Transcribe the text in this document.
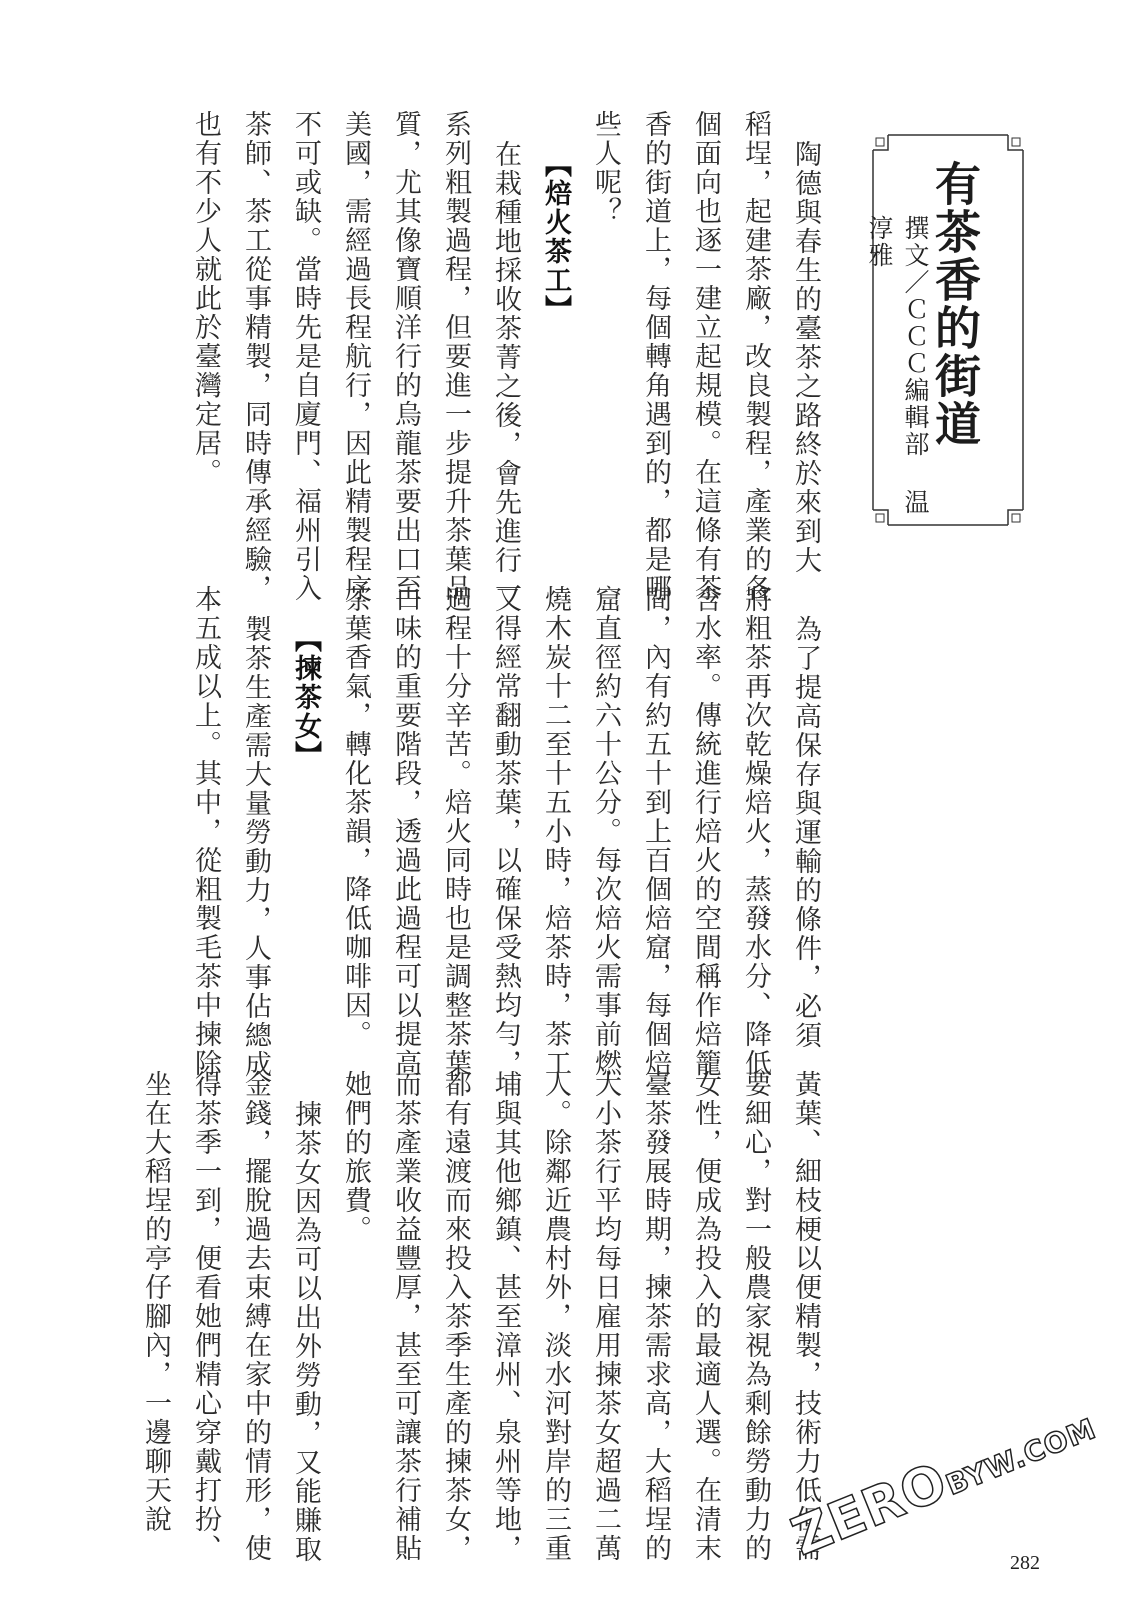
有茶香的街道
撰文／ＣＣＣ編輯部 温淳雅
陶德與春生的臺茶之路終於來到大
稻埕，起建茶廠，改良製程，產業的各
個面向也逐一建立起規模。在這條有茶
香的街道上，每個轉角遇到的，都是哪
些人呢？
【焙火茶工】
在栽種地採收茶菁之後，會先進行一
系列粗製過程，但要進一步提升茶葉品
質，尤其像寶順洋行的烏龍茶要出口至
美國，需經過長程航行，因此精製程序
不可或缺。當時先是自廈門、福州引入
茶師、茶工從事精製，同時傳承經驗，
也有不少人就此於臺灣定居。
為了提高保存與運輸的條件，必須
將粗茶再次乾燥焙火，蒸發水分、降低
含水率。傳統進行焙火的空間稱作焙籠
間，內有約五十到上百個焙窟，每個焙
窟直徑約六十公分。每次焙火需事前燃
燒木炭十二至十五小時，焙茶時，茶工
又得經常翻動茶葉，以確保受熱均勻，
過程十分辛苦。焙火同時也是調整茶葉
口味的重要階段，透過此過程可以提高
茶葉香氣，轉化茶韻，降低咖啡因。
【揀茶女】
製茶生產需大量勞動力，人事佔總成
本五成以上。其中，從粗製毛茶中揀除
黃葉、細枝梗以便精製，技術力低但需
要細心，對一般農家視為剩餘勞動力的
女性，便成為投入的最適人選。在清末
臺茶發展時期，揀茶需求高，大稻埕的
大小茶行平均每日雇用揀茶女超過二萬
人。除鄰近農村外，淡水河對岸的三重
埔與其他鄉鎮、甚至漳州、泉州等地，
都有遠渡而來投入茶季生產的揀茶女，
而茶產業收益豐厚，甚至可讓茶行補貼
她們的旅費。
揀茶女因為可以出外勞動，又能賺取
金錢，擺脫過去束縛在家中的情形，使
得茶季一到，便看她們精心穿戴打扮、
坐在大稻埕的亭仔腳內，一邊聊天說	ZEROBYW.COM
282
